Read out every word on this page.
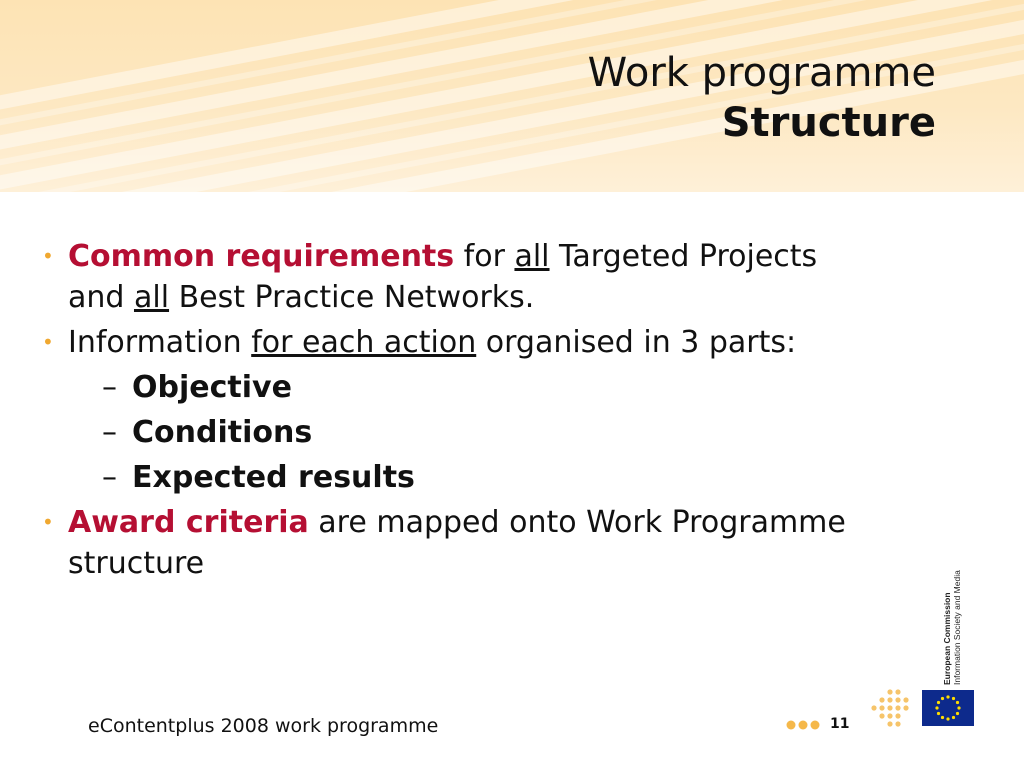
Work programme
Structure
• Common requirements for all Targeted Projects and all Best Practice Networks.
• Information for each action organised in 3 parts:
– Objective
– Conditions
– Expected results
• Award criteria are mapped onto Work Programme structure
eContentplus 2008 work programme	11
European Commission Information Society and Media
